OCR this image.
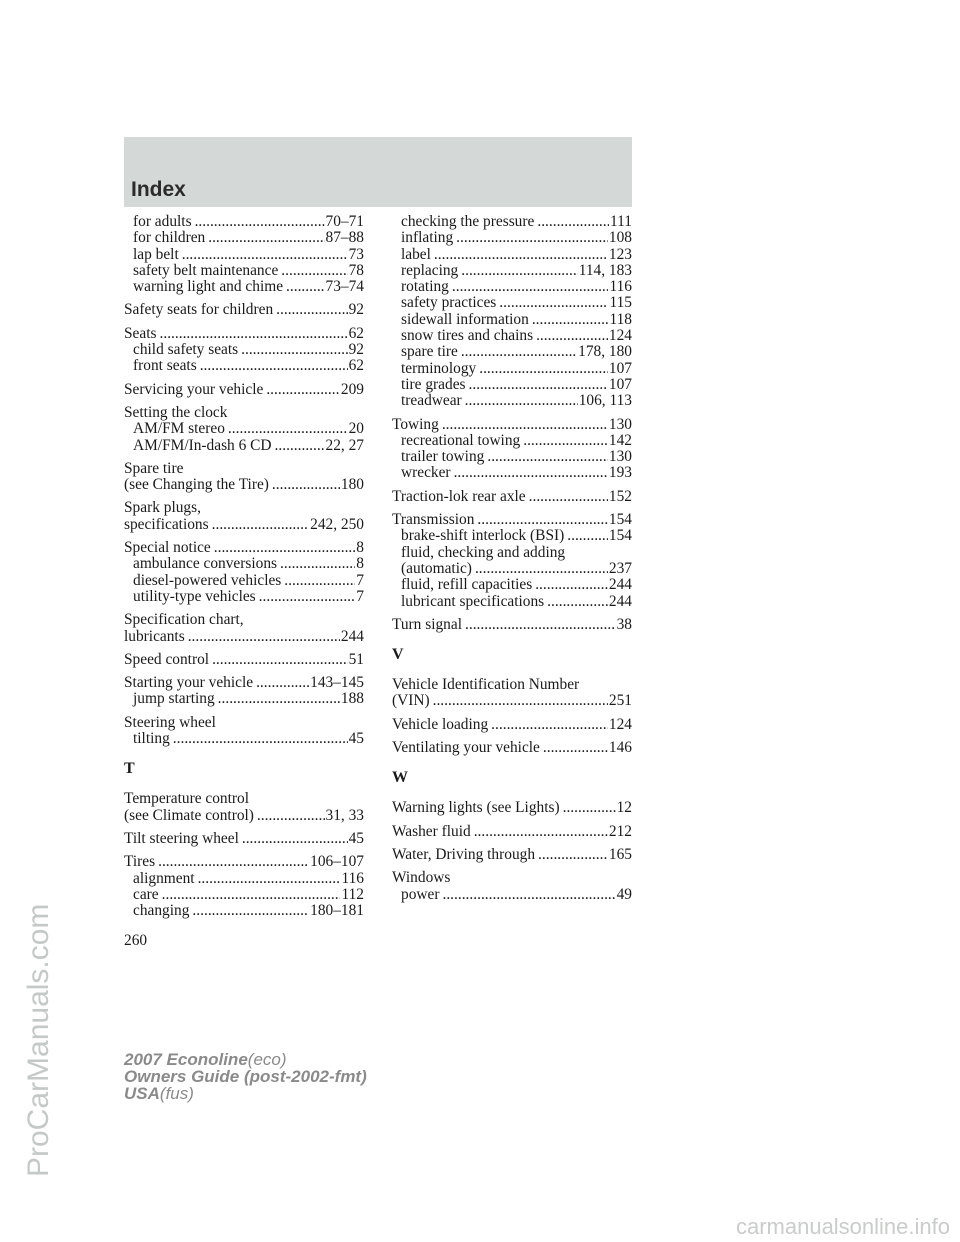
Index
for adults .....	70–71
for children .....	87–88
lap belt .....	73
safety belt maintenance .....	78
warning light and chime .....	73–74
Safety seats for children .....	92
Seats .....	62
child safety seats .....	92
front seats .....	62
Servicing your vehicle .....	209
Setting the clock
AM/FM stereo .....	20
AM/FM/In-dash 6 CD .....	22, 27
Spare tire
(see Changing the Tire) .....	180
Spark plugs,
specifications .....	242, 250
Special notice .....	8
ambulance conversions .....	8
diesel-powered vehicles .....	7
utility-type vehicles .....	7
Specification chart,
lubricants .....	244
Speed control .....	51
Starting your vehicle .....	143–145
jump starting .....	188
Steering wheel
tilting .....	45
T
Temperature control
(see Climate control) .....	31, 33
Tilt steering wheel .....	45
Tires .....	106–107
alignment .....	116
care .....	112
changing .....	180–181
checking the pressure .....	111
inflating .....	108
label .....	123
replacing .....	114, 183
rotating .....	116
safety practices .....	115
sidewall information .....	118
snow tires and chains .....	124
spare tire .....	178, 180
terminology .....	107
tire grades .....	107
treadwear .....	106, 113
Towing .....	130
recreational towing .....	142
trailer towing .....	130
wrecker .....	193
Traction-lok rear axle .....	152
Transmission .....	154
brake-shift interlock (BSI) .....	154
fluid, checking and adding
(automatic) .....	237
fluid, refill capacities .....	244
lubricant specifications .....	244
Turn signal .....	38
V
Vehicle Identification Number
(VIN) .....	251
Vehicle loading .....	124
Ventilating your vehicle .....	146
W
Warning lights (see Lights) .....	12
Washer fluid .....	212
Water, Driving through .....	165
Windows
power .....	49
260
2007 Econoline(eco)
Owners Guide (post-2002-fmt)
USA(fus)
ProCarManuals.com
carmanualsonline.info
